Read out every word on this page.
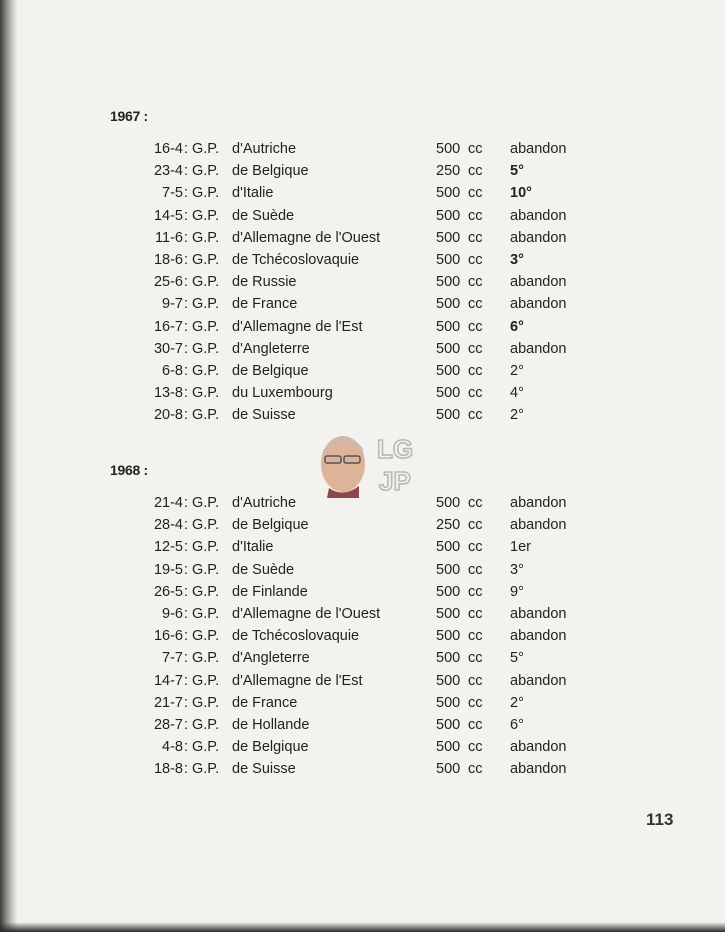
1967 :
16-4 : G.P. d'Autriche	500 cc abandon
23-4 : G.P. de Belgique	250 cc 5°
7-5 : G.P. d'Italie	500 cc 10°
14-5 : G.P. de Suède	500 cc abandon
11-6 : G.P. d'Allemagne de l'Ouest	500 cc abandon
18-6 : G.P. de Tchécoslovaquie	500 cc 3°
25-6 : G.P. de Russie	500 cc abandon
9-7 : G.P. de France	500 cc abandon
16-7 : G.P. d'Allemagne de l'Est	500 cc 6°
30-7 : G.P. d'Angleterre	500 cc abandon
6-8 : G.P. de Belgique	500 cc 2°
13-8 : G.P. du Luxembourg	500 cc 4°
20-8 : G.P. de Suisse	500 cc 2°
1968 :
21-4 : G.P. d'Autriche	500 cc abandon
28-4 : G.P. de Belgique	250 cc abandon
12-5 : G.P. d'Italie	500 cc 1er
19-5 : G.P. de Suède	500 cc 3°
26-5 : G.P. de Finlande	500 cc 9°
9-6 : G.P. d'Allemagne de l'Ouest	500 cc abandon
16-6 : G.P. de Tchécoslovaquie	500 cc abandon
7-7 : G.P. d'Angleterre	500 cc 5°
14-7 : G.P. d'Allemagne de l'Est	500 cc abandon
21-7 : G.P. de France	500 cc 2°
28-7 : G.P. de Hollande	500 cc 6°
4-8 : G.P. de Belgique	500 cc abandon
18-8 : G.P. de Suisse	500 cc abandon
LG
JP
113
